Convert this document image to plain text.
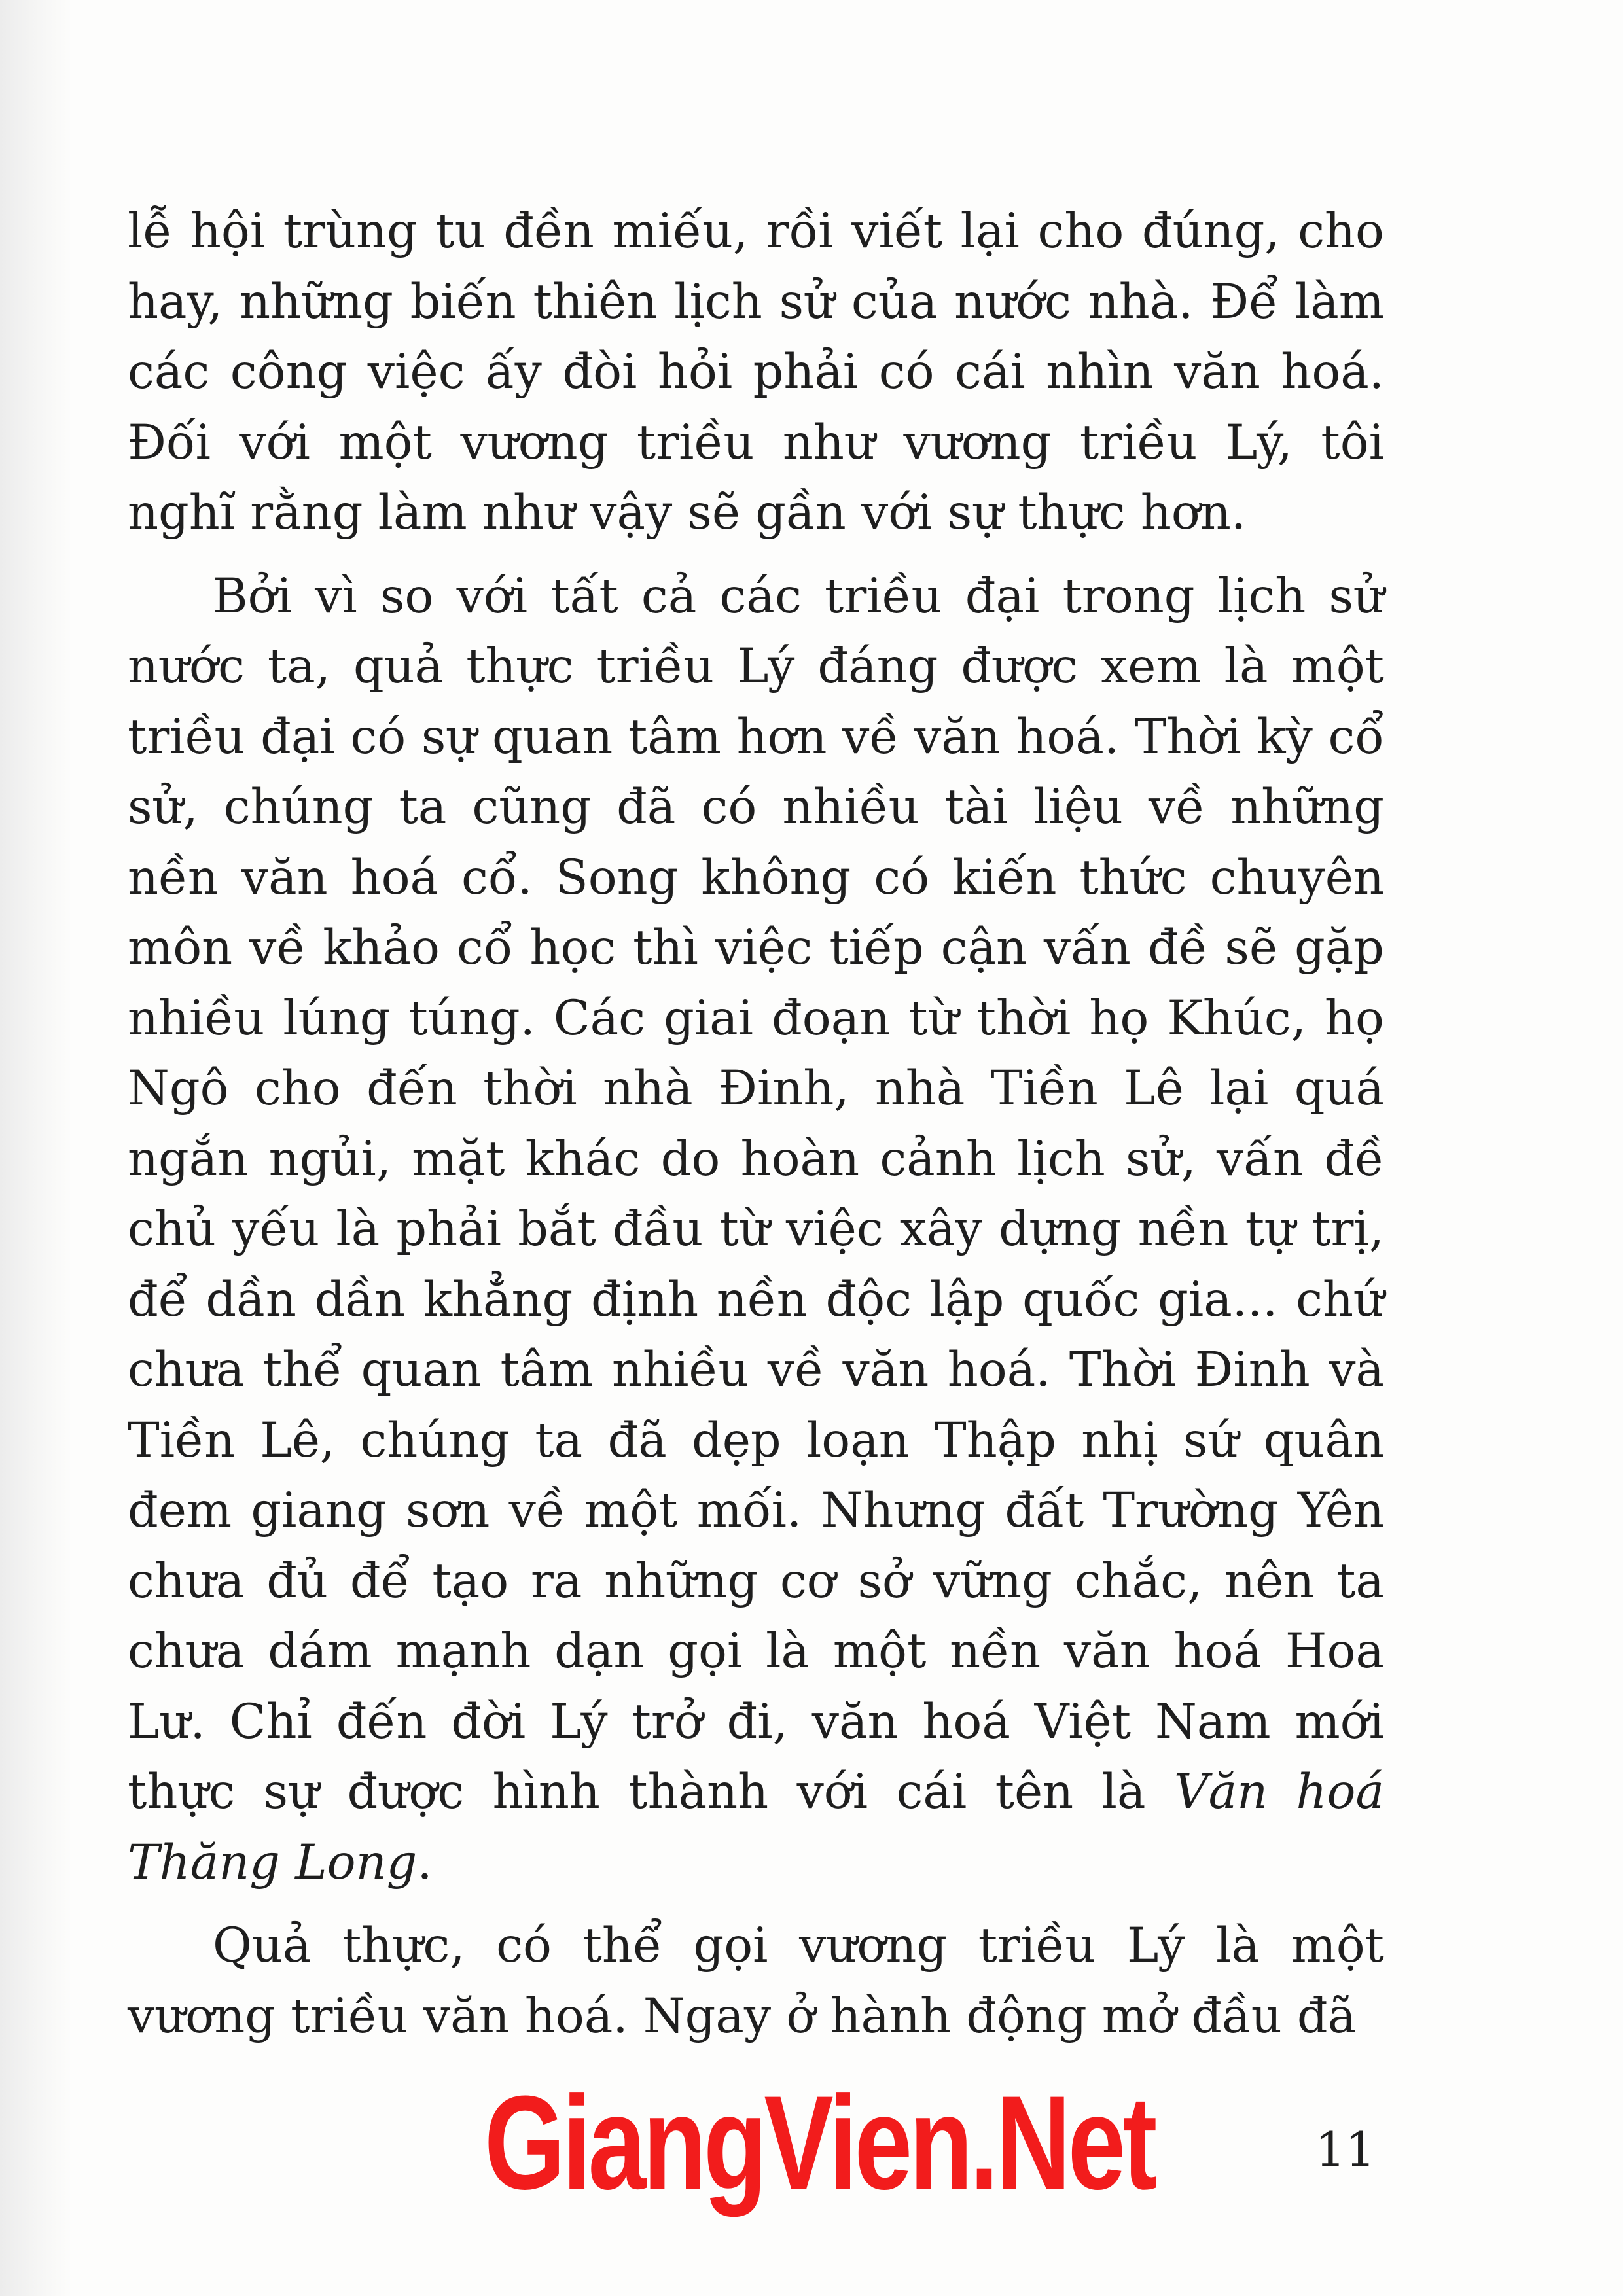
lễ hội trùng tu đền miếu, rồi viết lại cho đúng, cho hay, những biến thiên lịch sử của nước nhà. Để làm các công việc ấy đòi hỏi phải có cái nhìn văn hoá. Đối với một vương triều như vương triều Lý, tôi nghĩ rằng làm như vậy sẽ gần với sự thực hơn.

Bởi vì so với tất cả các triều đại trong lịch sử nước ta, quả thực triều Lý đáng được xem là một triều đại có sự quan tâm hơn về văn hoá. Thời kỳ cổ sử, chúng ta cũng đã có nhiều tài liệu về những nền văn hoá cổ. Song không có kiến thức chuyên môn về khảo cổ học thì việc tiếp cận vấn đề sẽ gặp nhiều lúng túng. Các giai đoạn từ thời họ Khúc, họ Ngô cho đến thời nhà Đinh, nhà Tiền Lê lại quá ngắn ngủi, mặt khác do hoàn cảnh lịch sử, vấn đề chủ yếu là phải bắt đầu từ việc xây dựng nền tự trị, để dần dần khẳng định nền độc lập quốc gia... chứ chưa thể quan tâm nhiều về văn hoá. Thời Đinh và Tiền Lê, chúng ta đã dẹp loạn Thập nhị sứ quân đem giang sơn về một mối. Nhưng đất Trường Yên chưa đủ để tạo ra những cơ sở vững chắc, nên ta chưa dám mạnh dạn gọi là một nền văn hoá Hoa Lư. Chỉ đến đời Lý trở đi, văn hoá Việt Nam mới thực sự được hình thành với cái tên là Văn hoá Thăng Long.

Quả thực, có thể gọi vương triều Lý là một vương triều văn hoá. Ngay ở hành động mở đầu đã

GiangVien.Net	11
